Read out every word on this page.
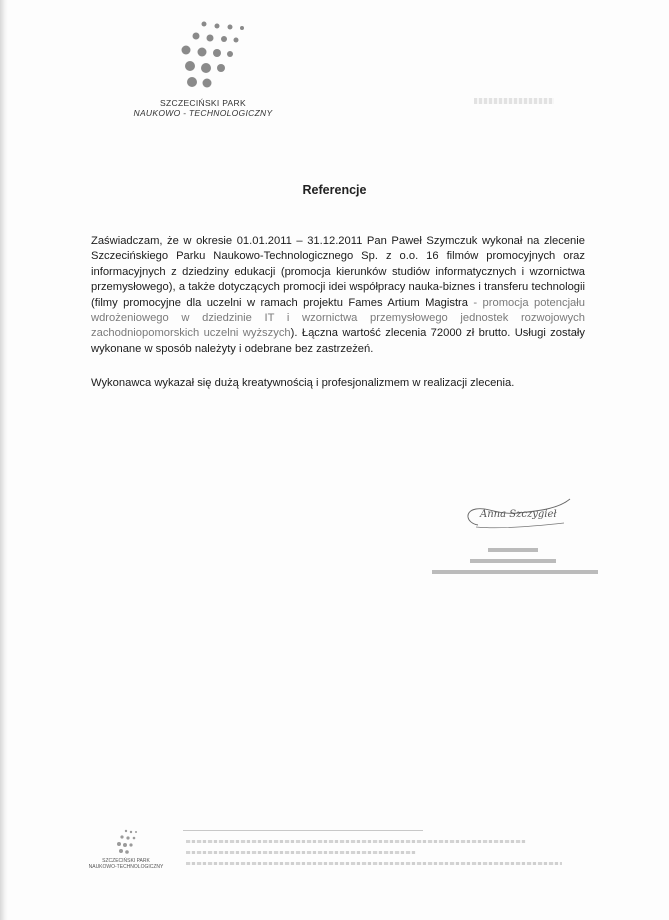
SZCZECIŃSKI PARK
NAUKOWO - TECHNOLOGICZNY
Referencje

Zaświadczam, że w okresie 01.01.2011 – 31.12.2011 Pan Paweł Szymczuk wykonał na zlecenie Szczecińskiego Parku Naukowo-Technologicznego Sp. z o.o. 16 filmów promocyjnych oraz informacyjnych z dziedziny edukacji (promocja kierunków studiów informatycznych i wzornictwa przemysłowego), a także dotyczących promocji idei współpracy nauka-biznes i transferu technologii (filmy promocyjne dla uczelni w ramach projektu Fames Artium Magistra - promocja potencjału wdrożeniowego w dziedzinie IT i wzornictwa przemysłowego jednostek rozwojowych zachodniopomorskich uczelni wyższych). Łączna wartość zlecenia 72000 zł brutto. Usługi zostały wykonane w sposób należyty i odebrane bez zastrzeżeń.

Wykonawca wykazał się dużą kreatywnością i profesjonalizmem w realizacji zlecenia.

Anna Szczygieł
SZCZECIŃSKI PARK
NAUKOWO-TECHNOLOGICZNY
